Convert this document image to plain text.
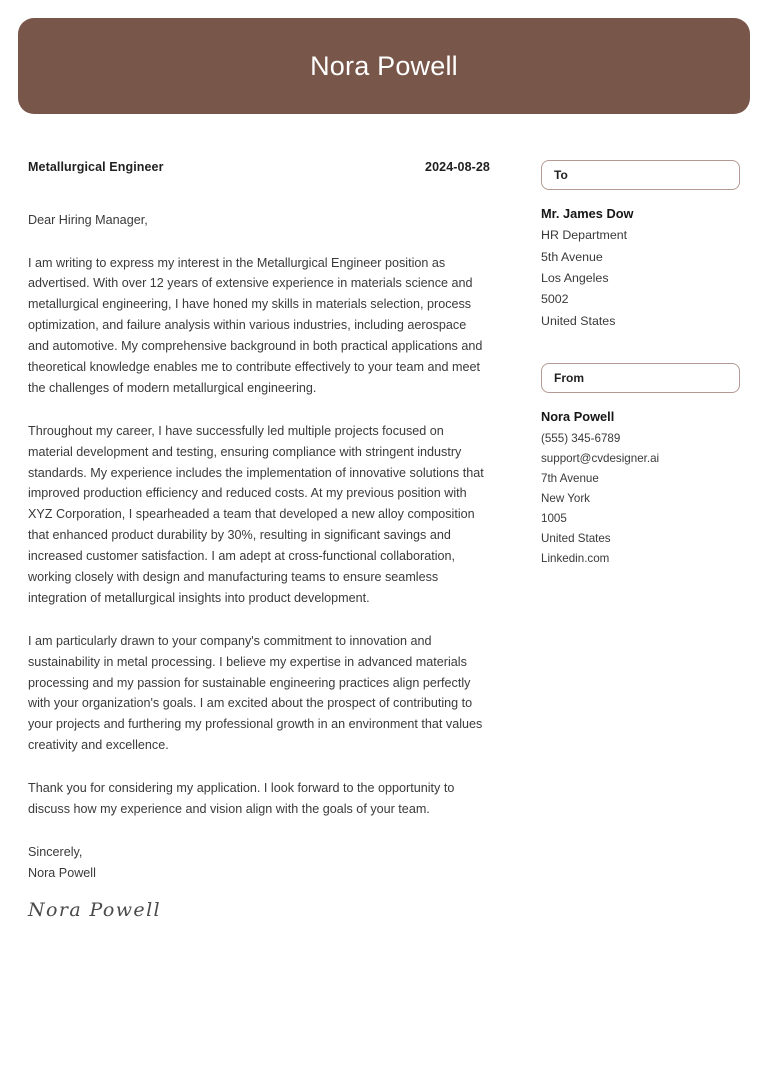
Nora Powell
Metallurgical Engineer	2024-08-28
Dear Hiring Manager,
I am writing to express my interest in the Metallurgical Engineer position as advertised. With over 12 years of extensive experience in materials science and metallurgical engineering, I have honed my skills in materials selection, process optimization, and failure analysis within various industries, including aerospace and automotive. My comprehensive background in both practical applications and theoretical knowledge enables me to contribute effectively to your team and meet the challenges of modern metallurgical engineering.
Throughout my career, I have successfully led multiple projects focused on material development and testing, ensuring compliance with stringent industry standards. My experience includes the implementation of innovative solutions that improved production efficiency and reduced costs. At my previous position with XYZ Corporation, I spearheaded a team that developed a new alloy composition that enhanced product durability by 30%, resulting in significant savings and increased customer satisfaction. I am adept at cross-functional collaboration, working closely with design and manufacturing teams to ensure seamless integration of metallurgical insights into product development.
I am particularly drawn to your company's commitment to innovation and sustainability in metal processing. I believe my expertise in advanced materials processing and my passion for sustainable engineering practices align perfectly with your organization's goals. I am excited about the prospect of contributing to your projects and furthering my professional growth in an environment that values creativity and excellence.
Thank you for considering my application. I look forward to the opportunity to discuss how my experience and vision align with the goals of your team.
Sincerely,
Nora Powell
Nora Powell
To
Mr. James Dow
HR Department
5th Avenue
Los Angeles
5002
United States
From
Nora Powell
(555) 345-6789
support@cvdesigner.ai
7th Avenue
New York
1005
United States
Linkedin.com
